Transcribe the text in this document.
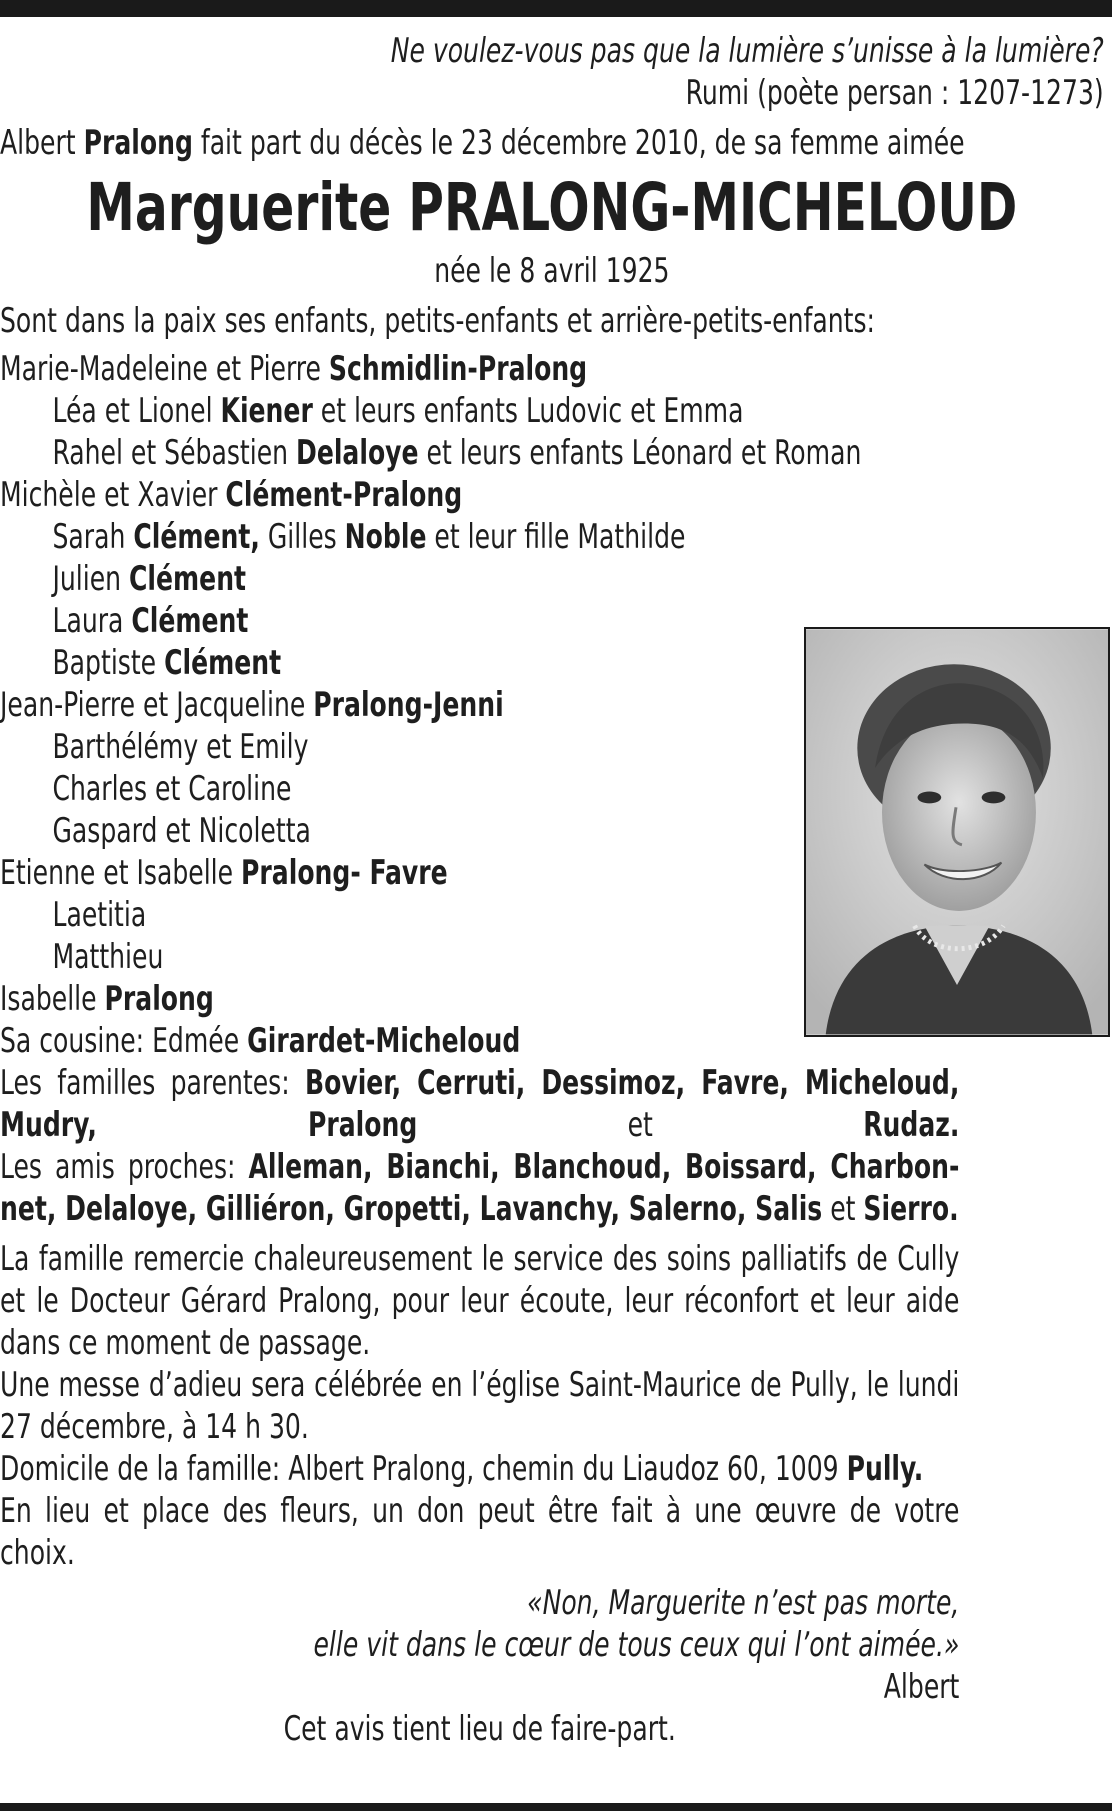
Ne voulez-vous pas que la lumière s’unisse à la lumière?
Rumi (poète persan : 1207-1273)
Albert Pralong fait part du décès le 23 décembre 2010, de sa femme aimée
Marguerite PRALONG-MICHELOUD
née le 8 avril 1925
Sont dans la paix ses enfants, petits-enfants et arrière-petits-enfants:
Marie-Madeleine et Pierre Schmidlin-Pralong
Léa et Lionel Kiener et leurs enfants Ludovic et Emma
Rahel et Sébastien Delaloye et leurs enfants Léonard et Roman
Michèle et Xavier Clément-Pralong
Sarah Clément, Gilles Noble et leur fille Mathilde
Julien Clément
Laura Clément
Baptiste Clément
Jean-Pierre et Jacqueline Pralong-Jenni
Barthélémy et Emily
Charles et Caroline
Gaspard et Nicoletta
Etienne et Isabelle Pralong- Favre
Laetitia
Matthieu
Isabelle Pralong
Sa cousine: Edmée Girardet-Micheloud
Les familles parentes: Bovier, Cerruti, Dessimoz, Favre, Micheloud, Mudry, Pralong et Rudaz.
Les amis proches: Alleman, Bianchi, Blanchoud, Boissard, Charbon-net, Delaloye, Gilliéron, Gropetti, Lavanchy, Salerno, Salis et Sierro.
La famille remercie chaleureusement le service des soins palliatifs de Cully et le Docteur Gérard Pralong, pour leur écoute, leur réconfort et leur aide dans ce moment de passage.
Une messe d’adieu sera célébrée en l’église Saint-Maurice de Pully, le lundi 27 décembre, à 14 h 30.
Domicile de la famille: Albert Pralong, chemin du Liaudoz 60, 1009 Pully.
En lieu et place des fleurs, un don peut être fait à une œuvre de votre choix.
«Non, Marguerite n’est pas morte,
elle vit dans le cœur de tous ceux qui l’ont aimée.»
Albert
Cet avis tient lieu de faire-part.
